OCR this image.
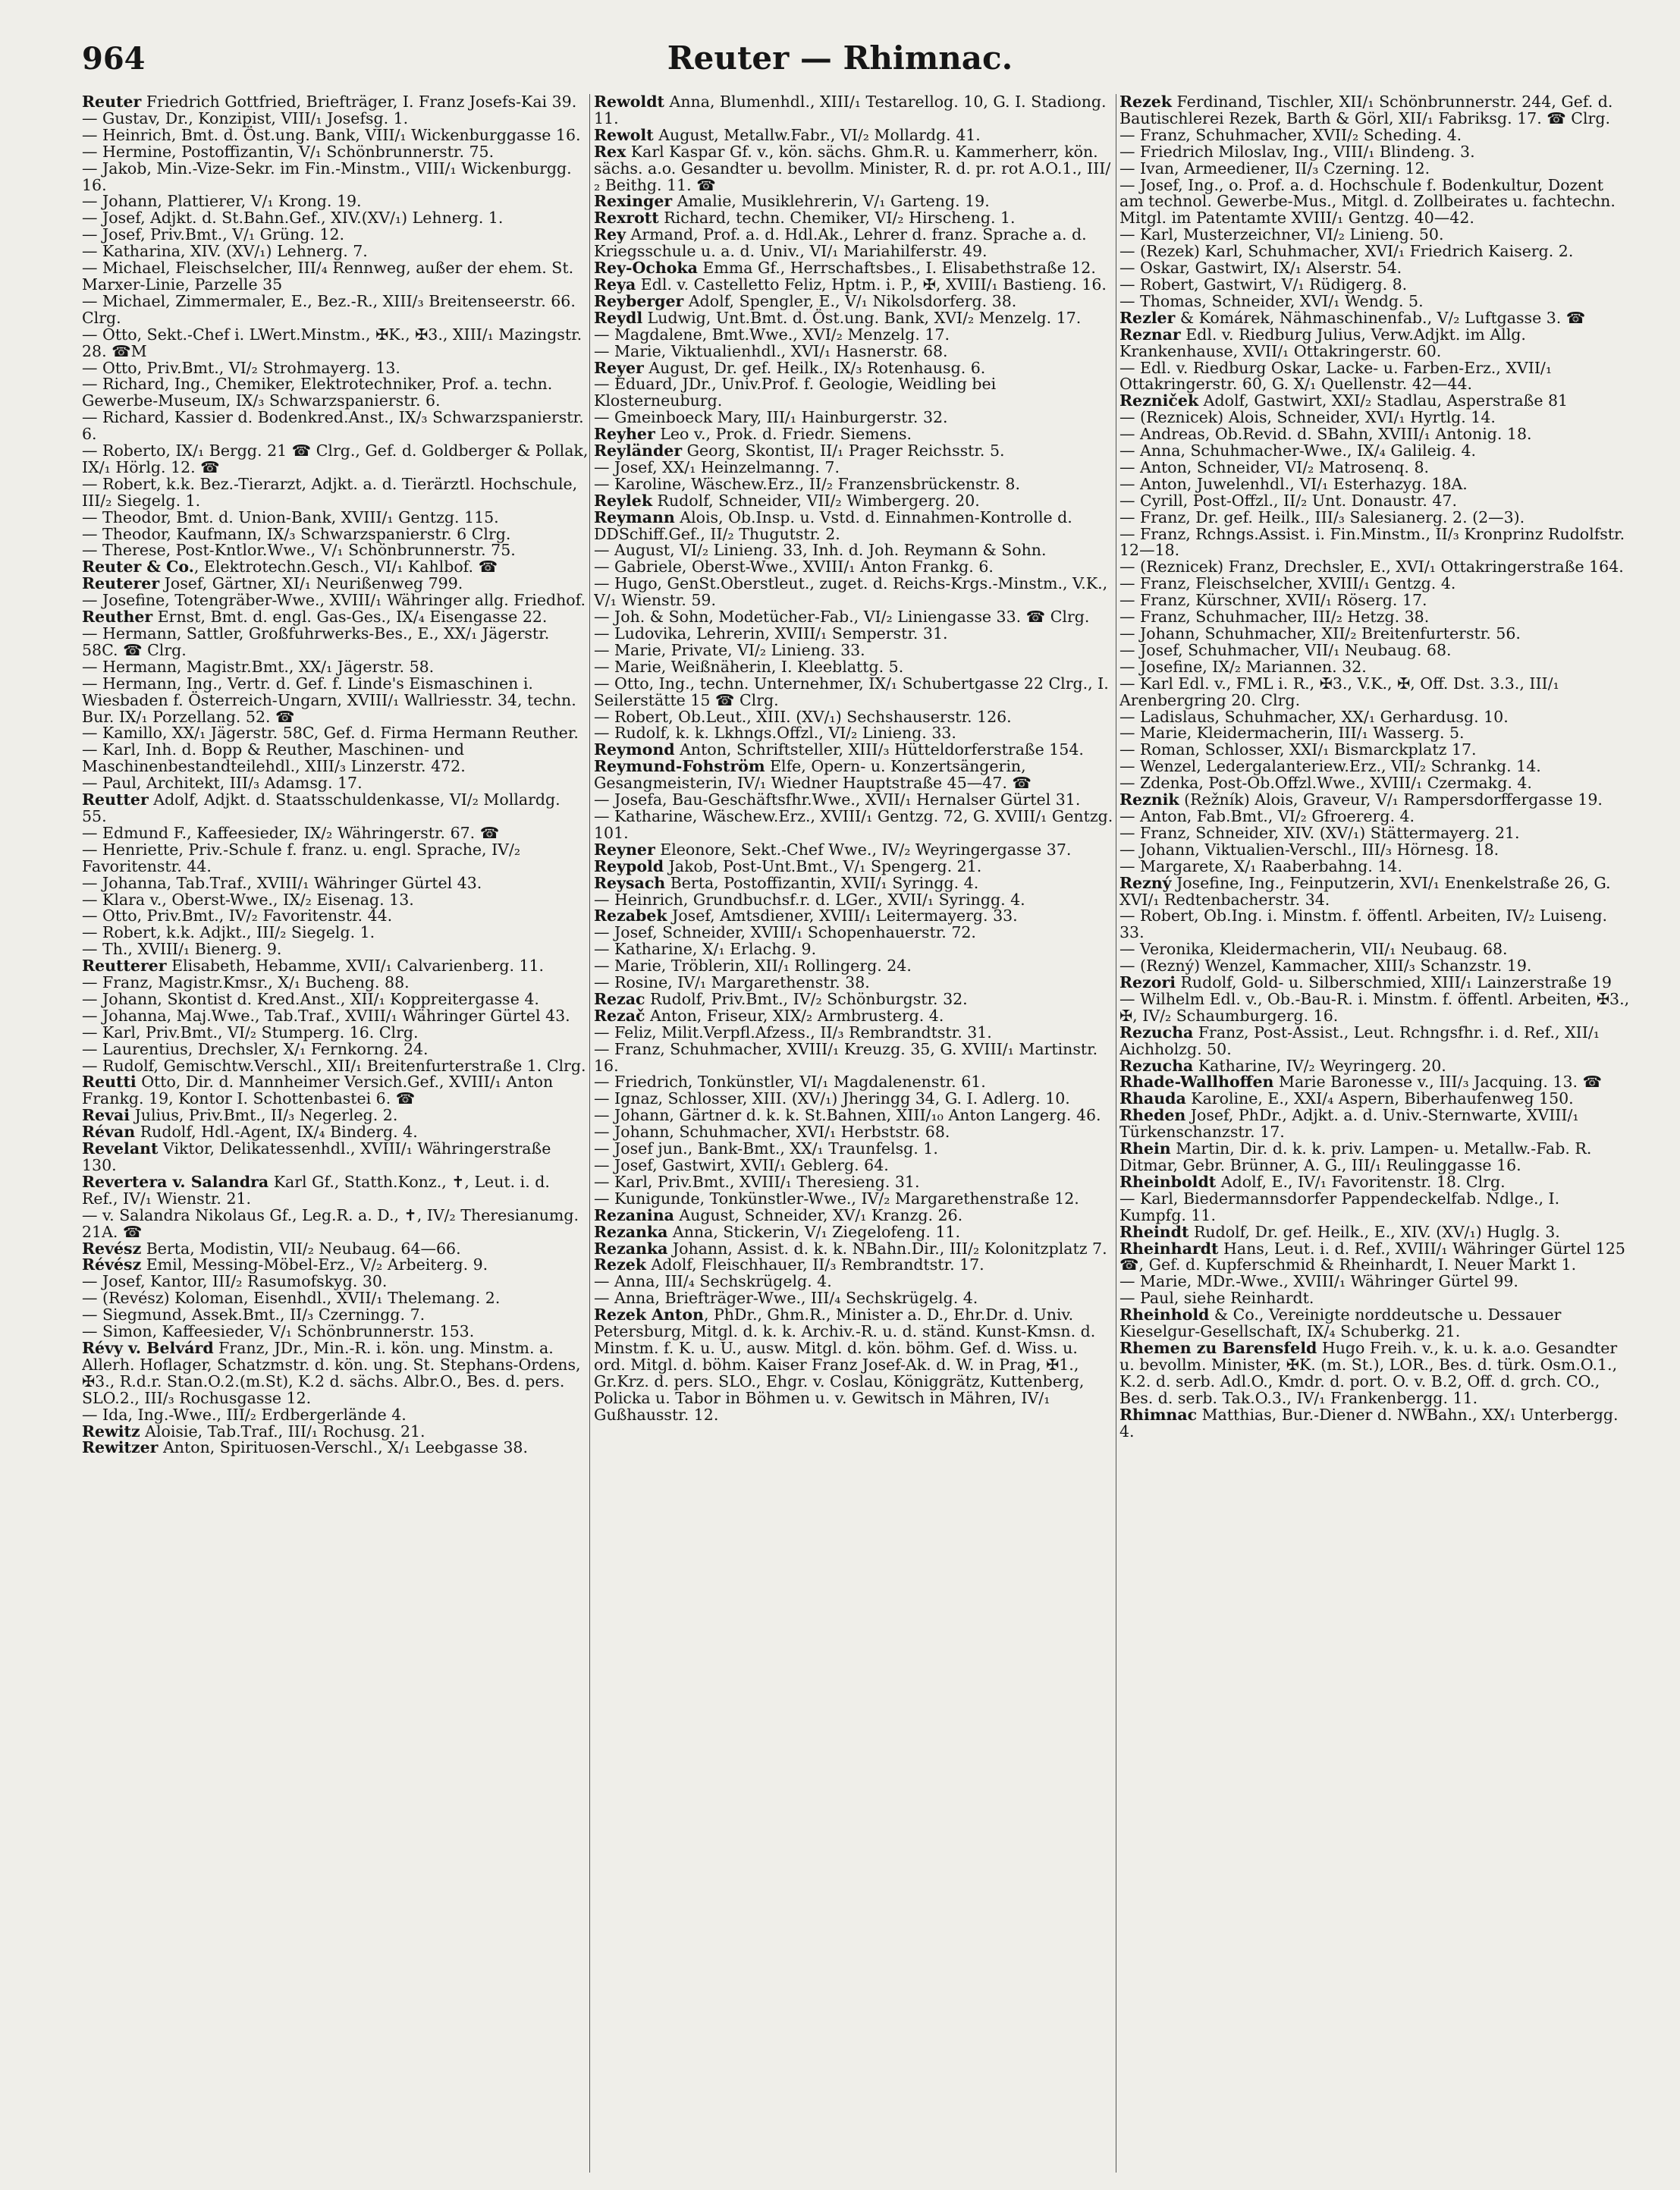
964	Reuter — Rhimnac.

Reuter Friedrich Gottfried, Briefträger, I. Franz Josefs-Kai 39.

— Gustav, Dr., Konzipist, VIII/₁ Josefsg. 1.

— Heinrich, Bmt. d. Öst.ung. Bank, VIII/₁ Wickenburggasse 16.

— Hermine, Postoffizantin, V/₁ Schönbrunnerstr. 75.

— Jakob, Min.-Vize-Sekr. im Fin.-Minstm., VIII/₁ Wickenburgg. 16.

— Johann, Plattierer, V/₁ Krong. 19.

— Josef, Adjkt. d. St.Bahn.Gef., XIV.(XV/₁) Lehnerg. 1.

— Josef, Priv.Bmt., V/₁ Grüng. 12.

— Katharina, XIV. (XV/₁) Lehnerg. 7.

— Michael, Fleischselcher, III/₄ Rennweg, außer der ehem. St. Marxer-Linie, Parzelle 35

— Michael, Zimmermaler, E., Bez.-R., XIII/₃ Breitenseerstr. 66. Clrg.

— Otto, Sekt.-Chef i. LWert.Minstm., ✠K., ✠3., XIII/₁ Mazingstr. 28. ☎M

— Otto, Priv.Bmt., VI/₂ Strohmayerg. 13.

— Richard, Ing., Chemiker, Elektrotechniker, Prof. a. techn. Gewerbe-Museum, IX/₃ Schwarzspanierstr. 6.

— Richard, Kassier d. Bodenkred.Anst., IX/₃ Schwarzspanierstr. 6.

— Roberto, IX/₁ Bergg. 21 ☎ Clrg., Gef. d. Goldberger & Pollak, IX/₁ Hörlg. 12. ☎

— Robert, k.k. Bez.-Tierarzt, Adjkt. a. d. Tierärztl. Hochschule, III/₂ Siegelg. 1.

— Theodor, Bmt. d. Union-Bank, XVIII/₁ Gentzg. 115.

— Theodor, Kaufmann, IX/₃ Schwarzspanierstr. 6 Clrg.

— Therese, Post-Kntlor.Wwe., V/₁ Schönbrunnerstr. 75.

Reuter & Co., Elektrotechn.Gesch., VI/₁ Kahlbof. ☎

Reuterer Josef, Gärtner, XI/₁ Neurißenweg 799.

— Josefine, Totengräber-Wwe., XVIII/₁ Währinger allg. Friedhof.

Reuther Ernst, Bmt. d. engl. Gas-Ges., IX/₄ Eisengasse 22.

— Hermann, Sattler, Großfuhrwerks-Bes., E., XX/₁ Jägerstr. 58C. ☎ Clrg.

— Hermann, Magistr.Bmt., XX/₁ Jägerstr. 58.

— Hermann, Ing., Vertr. d. Gef. f. Linde's Eismaschinen i. Wiesbaden f. Österreich-Ungarn, XVIII/₁ Wallriesstr. 34, techn. Bur. IX/₁ Porzellang. 52. ☎

— Kamillo, XX/₁ Jägerstr. 58C, Gef. d. Firma Hermann Reuther.

— Karl, Inh. d. Bopp & Reuther, Maschinen- und Maschinenbestandteilehdl., XIII/₃ Linzerstr. 472.

— Paul, Architekt, III/₃ Adamsg. 17.

Reutter Adolf, Adjkt. d. Staatsschuldenkasse, VI/₂ Mollardg. 55.

— Edmund F., Kaffeesieder, IX/₂ Währingerstr. 67. ☎

— Henriette, Priv.-Schule f. franz. u. engl. Sprache, IV/₂ Favoritenstr. 44.

— Johanna, Tab.Traf., XVIII/₁ Währinger Gürtel 43.

— Klara v., Oberst-Wwe., IX/₂ Eisenag. 13.

— Otto, Priv.Bmt., IV/₂ Favoritenstr. 44.

— Robert, k.k. Adjkt., III/₂ Siegelg. 1.

— Th., XVIII/₁ Bienerg. 9.

Reutterer Elisabeth, Hebamme, XVII/₁ Calvarienberg. 11.

— Franz, Magistr.Kmsr., X/₁ Bucheng. 88.

— Johann, Skontist d. Kred.Anst., XII/₁ Koppreitergasse 4.

— Johanna, Maj.Wwe., Tab.Traf., XVIII/₁ Währinger Gürtel 43.

— Karl, Priv.Bmt., VI/₂ Stumperg. 16. Clrg.

— Laurentius, Drechsler, X/₁ Fernkorng. 24.

— Rudolf, Gemischtw.Verschl., XII/₁ Breitenfurterstraße 1. Clrg.

Reutti Otto, Dir. d. Mannheimer Versich.Gef., XVIII/₁ Anton Frankg. 19, Kontor I. Schottenbastei 6. ☎

Revai Julius, Priv.Bmt., II/₃ Negerleg. 2.

Révan Rudolf, Hdl.-Agent, IX/₄ Binderg. 4.

Revelant Viktor, Delikatessenhdl., XVIII/₁ Währingerstraße 130.

Revertera v. Salandra Karl Gf., Statth.Konz., ✝, Leut. i. d. Ref., IV/₁ Wienstr. 21.

— v. Salandra Nikolaus Gf., Leg.R. a. D., ✝, IV/₂ Theresianumg. 21A. ☎

Revész Berta, Modistin, VII/₂ Neubaug. 64—66.

Révész Emil, Messing-Möbel-Erz., V/₂ Arbeiterg. 9.

— Josef, Kantor, III/₂ Rasumofskyg. 30.

— (Revész) Koloman, Eisenhdl., XVII/₁ Thelemang. 2.

— Siegmund, Assek.Bmt., II/₃ Czerningg. 7.

— Simon, Kaffeesieder, V/₁ Schönbrunnerstr. 153.

Révy v. Belvárd Franz, JDr., Min.-R. i. kön. ung. Minstm. a. Allerh. Hoflager, Schatzmstr. d. kön. ung. St. Stephans-Ordens, ✠3., R.d.r. Stan.O.2.(m.St), K.2 d. sächs. Albr.O., Bes. d. pers. SLO.2., III/₃ Rochusgasse 12.

— Ida, Ing.-Wwe., III/₂ Erdbergerlände 4.

Rewitz Aloisie, Tab.Traf., III/₁ Rochusg. 21.

Rewitzer Anton, Spirituosen-Verschl., X/₁ Leebgasse 38.

Rewoldt Anna, Blumenhdl., XIII/₁ Testarellog. 10, G. I. Stadiong. 11.

Rewolt August, Metallw.Fabr., VI/₂ Mollardg. 41.

Rex Karl Kaspar Gf. v., kön. sächs. Ghm.R. u. Kammerherr, kön. sächs. a.o. Gesandter u. bevollm. Minister, R. d. pr. rot A.O.1., III/₂ Beithg. 11. ☎

Rexinger Amalie, Musiklehrerin, V/₁ Garteng. 19.

Rexrott Richard, techn. Chemiker, VI/₂ Hirscheng. 1.

Rey Armand, Prof. a. d. Hdl.Ak., Lehrer d. franz. Sprache a. d. Kriegsschule u. a. d. Univ., VI/₁ Mariahilferstr. 49.

Rey-Ochoka Emma Gf., Herrschaftsbes., I. Elisabethstraße 12.

Reya Edl. v. Castelletto Feliz, Hptm. i. P., ✠, XVIII/₁ Bastieng. 16.

Reyberger Adolf, Spengler, E., V/₁ Nikolsdorferg. 38.

Reydl Ludwig, Unt.Bmt. d. Öst.ung. Bank, XVI/₂ Menzelg. 17.

— Magdalene, Bmt.Wwe., XVI/₂ Menzelg. 17.

— Marie, Viktualienhdl., XVI/₁ Hasnerstr. 68.

Reyer August, Dr. gef. Heilk., IX/₃ Rotenhausg. 6.

— Eduard, JDr., Univ.Prof. f. Geologie, Weidling bei Klosterneuburg.

— Gmeinboeck Mary, III/₁ Hainburgerstr. 32.

Reyher Leo v., Prok. d. Friedr. Siemens.

Reyländer Georg, Skontist, II/₁ Prager Reichsstr. 5.

— Josef, XX/₁ Heinzelmanng. 7.

— Karoline, Wäschew.Erz., II/₂ Franzensbrückenstr. 8.

Reylek Rudolf, Schneider, VII/₂ Wimbergerg. 20.

Reymann Alois, Ob.Insp. u. Vstd. d. Einnahmen-Kontrolle d. DDSchiff.Gef., II/₂ Thugutstr. 2.

— August, VI/₂ Linieng. 33, Inh. d. Joh. Reymann & Sohn.

— Gabriele, Oberst-Wwe., XVIII/₁ Anton Frankg. 6.

— Hugo, GenSt.Oberstleut., zuget. d. Reichs-Krgs.-Minstm., V.K., V/₁ Wienstr. 59.

— Joh. & Sohn, Modetücher-Fab., VI/₂ Liniengasse 33. ☎ Clrg.

— Ludovika, Lehrerin, XVIII/₁ Semperstr. 31.

— Marie, Private, VI/₂ Linieng. 33.

— Marie, Weißnäherin, I. Kleeblattg. 5.

— Otto, Ing., techn. Unternehmer, IX/₁ Schubertgasse 22 Clrg., I. Seilerstätte 15 ☎ Clrg.

— Robert, Ob.Leut., XIII. (XV/₁) Sechshauserstr. 126.

— Rudolf, k. k. Lkhngs.Offzl., VI/₂ Linieng. 33.

Reymond Anton, Schriftsteller, XIII/₃ Hütteldorferstraße 154.

Reymund-Fohström Elfe, Opern- u. Konzertsängerin, Gesangmeisterin, IV/₁ Wiedner Hauptstraße 45—47. ☎

— Josefa, Bau-Geschäftsfhr.Wwe., XVII/₁ Hernalser Gürtel 31.

— Katharine, Wäschew.Erz., XVIII/₁ Gentzg. 72, G. XVIII/₁ Gentzg. 101.

Reyner Eleonore, Sekt.-Chef Wwe., IV/₂ Weyringergasse 37.

Reypold Jakob, Post-Unt.Bmt., V/₁ Spengerg. 21.

Reysach Berta, Postoffizantin, XVII/₁ Syringg. 4.

— Heinrich, Grundbuchsf.r. d. LGer., XVII/₁ Syringg. 4.

Rezabek Josef, Amtsdiener, XVIII/₁ Leitermayerg. 33.

— Josef, Schneider, XVIII/₁ Schopenhauerstr. 72.

— Katharine, X/₁ Erlachg. 9.

— Marie, Tröblerin, XII/₁ Rollingerg. 24.

— Rosine, IV/₁ Margarethenstr. 38.

Rezac Rudolf, Priv.Bmt., IV/₂ Schönburgstr. 32.

Rezač Anton, Friseur, XIX/₂ Armbrusterg. 4.

— Feliz, Milit.Verpfl.Afzess., II/₃ Rembrandtstr. 31.

— Franz, Schuhmacher, XVIII/₁ Kreuzg. 35, G. XVIII/₁ Martinstr. 16.

— Friedrich, Tonkünstler, VI/₁ Magdalenenstr. 61.

— Ignaz, Schlosser, XIII. (XV/₁) Jheringg 34, G. I. Adlerg. 10.

— Johann, Gärtner d. k. k. St.Bahnen, XIII/₁₀ Anton Langerg. 46.

— Johann, Schuhmacher, XVI/₁ Herbststr. 68.

— Josef jun., Bank-Bmt., XX/₁ Traunfelsg. 1.

— Josef, Gastwirt, XVII/₁ Geblerg. 64.

— Karl, Priv.Bmt., XVIII/₁ Theresieng. 31.

— Kunigunde, Tonkünstler-Wwe., IV/₂ Margarethenstraße 12.

Rezanina August, Schneider, XV/₁ Kranzg. 26.

Rezanka Anna, Stickerin, V/₁ Ziegelofeng. 11.

Rezanka Johann, Assist. d. k. k. NBahn.Dir., III/₂ Kolonitzplatz 7.

Rezek Adolf, Fleischhauer, II/₃ Rembrandtstr. 17.

— Anna, III/₄ Sechskrügelg. 4.

— Anna, Briefträger-Wwe., III/₄ Sechskrügelg. 4.

Rezek Anton, PhDr., Ghm.R., Minister a. D., Ehr.Dr. d. Univ. Petersburg, Mitgl. d. k. k. Archiv.-R. u. d. ständ. Kunst-Kmsn. d. Minstm. f. K. u. U., ausw. Mitgl. d. kön. böhm. Gef. d. Wiss. u. ord. Mitgl. d. böhm. Kaiser Franz Josef-Ak. d. W. in Prag, ✠1., Gr.Krz. d. pers. SLO., Ehgr. v. Coslau, Königgrätz, Kuttenberg, Policka u. Tabor in Böhmen u. v. Gewitsch in Mähren, IV/₁ Gußhausstr. 12.

Rezek Ferdinand, Tischler, XII/₁ Schönbrunnerstr. 244, Gef. d. Bautischlerei Rezek, Barth & Görl, XII/₁ Fabriksg. 17. ☎ Clrg.

— Franz, Schuhmacher, XVII/₂ Scheding. 4.

— Friedrich Miloslav, Ing., VIII/₁ Blindeng. 3.

— Ivan, Armeediener, II/₃ Czerning. 12.

— Josef, Ing., o. Prof. a. d. Hochschule f. Bodenkultur, Dozent am technol. Gewerbe-Mus., Mitgl. d. Zollbeirates u. fachtechn. Mitgl. im Patentamte XVIII/₁ Gentzg. 40—42.

— Karl, Musterzeichner, VI/₂ Linieng. 50.

— (Rezek) Karl, Schuhmacher, XVI/₁ Friedrich Kaiserg. 2.

— Oskar, Gastwirt, IX/₁ Alserstr. 54.

— Robert, Gastwirt, V/₁ Rüdigerg. 8.

— Thomas, Schneider, XVI/₁ Wendg. 5.

Rezler & Komárek, Nähmaschinenfab., V/₂ Luftgasse 3. ☎

Reznar Edl. v. Riedburg Julius, Verw.Adjkt. im Allg. Krankenhause, XVII/₁ Ottakringerstr. 60.

— Edl. v. Riedburg Oskar, Lacke- u. Farben-Erz., XVII/₁ Ottakringerstr. 60, G. X/₁ Quellenstr. 42—44.

Rezniček Adolf, Gastwirt, XXI/₂ Stadlau, Asperstraße 81

— (Reznicek) Alois, Schneider, XVI/₁ Hyrtlg. 14.

— Andreas, Ob.Revid. d. SBahn, XVIII/₁ Antonig. 18.

— Anna, Schuhmacher-Wwe., IX/₄ Galileig. 4.

— Anton, Schneider, VI/₂ Matrosenq. 8.

— Anton, Juwelenhdl., VI/₁ Esterhazyg. 18A.

— Cyrill, Post-Offzl., II/₂ Unt. Donaustr. 47.

— Franz, Dr. gef. Heilk., III/₃ Salesianerg. 2. (2—3).

— Franz, Rchngs.Assist. i. Fin.Minstm., II/₃ Kronprinz Rudolfstr. 12—18.

— (Reznicek) Franz, Drechsler, E., XVI/₁ Ottakringerstraße 164.

— Franz, Fleischselcher, XVIII/₁ Gentzg. 4.

— Franz, Kürschner, XVII/₁ Röserg. 17.

— Franz, Schuhmacher, III/₂ Hetzg. 38.

— Johann, Schuhmacher, XII/₂ Breitenfurterstr. 56.

— Josef, Schuhmacher, VII/₁ Neubaug. 68.

— Josefine, IX/₂ Mariannen. 32.

— Karl Edl. v., FML i. R., ✠3., V.K., ✠, Off. Dst. 3.3., III/₁ Arenbergring 20. Clrg.

— Ladislaus, Schuhmacher, XX/₁ Gerhardusg. 10.

— Marie, Kleidermacherin, III/₁ Wasserg. 5.

— Roman, Schlosser, XXI/₁ Bismarckplatz 17.

— Wenzel, Ledergalanteriew.Erz., VII/₂ Schrankg. 14.

— Zdenka, Post-Ob.Offzl.Wwe., XVIII/₁ Czermakg. 4.

Reznik (Režník) Alois, Graveur, V/₁ Rampersdorffergasse 19.

— Anton, Fab.Bmt., VI/₂ Gfroererg. 4.

— Franz, Schneider, XIV. (XV/₁) Stättermayerg. 21.

— Johann, Viktualien-Verschl., III/₃ Hörnesg. 18.

— Margarete, X/₁ Raaberbahng. 14.

Rezný Josefine, Ing., Feinputzerin, XVI/₁ Enenkelstraße 26, G. XVI/₁ Redtenbacherstr. 34.

— Robert, Ob.Ing. i. Minstm. f. öffentl. Arbeiten, IV/₂ Luiseng. 33.

— Veronika, Kleidermacherin, VII/₁ Neubaug. 68.

— (Rezný) Wenzel, Kammacher, XIII/₃ Schanzstr. 19.

Rezori Rudolf, Gold- u. Silberschmied, XIII/₁ Lainzerstraße 19

— Wilhelm Edl. v., Ob.-Bau-R. i. Minstm. f. öffentl. Arbeiten, ✠3., ✠, IV/₂ Schaumburgerg. 16.

Rezucha Franz, Post-Assist., Leut. Rchngsfhr. i. d. Ref., XII/₁ Aichholzg. 50.

Rezucha Katharine, IV/₂ Weyringerg. 20.

Rhade-Wallhoffen Marie Baronesse v., III/₃ Jacquing. 13. ☎

Rhauda Karoline, E., XXI/₄ Aspern, Biberhaufenweg 150.

Rheden Josef, PhDr., Adjkt. a. d. Univ.-Sternwarte, XVIII/₁ Türkenschanzstr. 17.

Rhein Martin, Dir. d. k. k. priv. Lampen- u. Metallw.-Fab. R. Ditmar, Gebr. Brünner, A. G., III/₁ Reulinggasse 16.

Rheinboldt Adolf, E., IV/₁ Favoritenstr. 18. Clrg.

— Karl, Biedermannsdorfer Pappendeckelfab. Ndlge., I. Kumpfg. 11.

Rheindt Rudolf, Dr. gef. Heilk., E., XIV. (XV/₁) Huglg. 3.

Rheinhardt Hans, Leut. i. d. Ref., XVIII/₁ Währinger Gürtel 125 ☎, Gef. d. Kupferschmid & Rheinhardt, I. Neuer Markt 1.

— Marie, MDr.-Wwe., XVIII/₁ Währinger Gürtel 99.

— Paul, siehe Reinhardt.

Rheinhold & Co., Vereinigte norddeutsche u. Dessauer Kieselgur-Gesellschaft, IX/₄ Schuberkg. 21.

Rhemen zu Barensfeld Hugo Freih. v., k. u. k. a.o. Gesandter u. bevollm. Minister, ✠K. (m. St.), LOR., Bes. d. türk. Osm.O.1., K.2. d. serb. Adl.O., Kmdr. d. port. O. v. B.2, Off. d. grch. CO., Bes. d. serb. Tak.O.3., IV/₁ Frankenbergg. 11.

Rhimnac Matthias, Bur.-Diener d. NWBahn., XX/₁ Unterbergg. 4.
